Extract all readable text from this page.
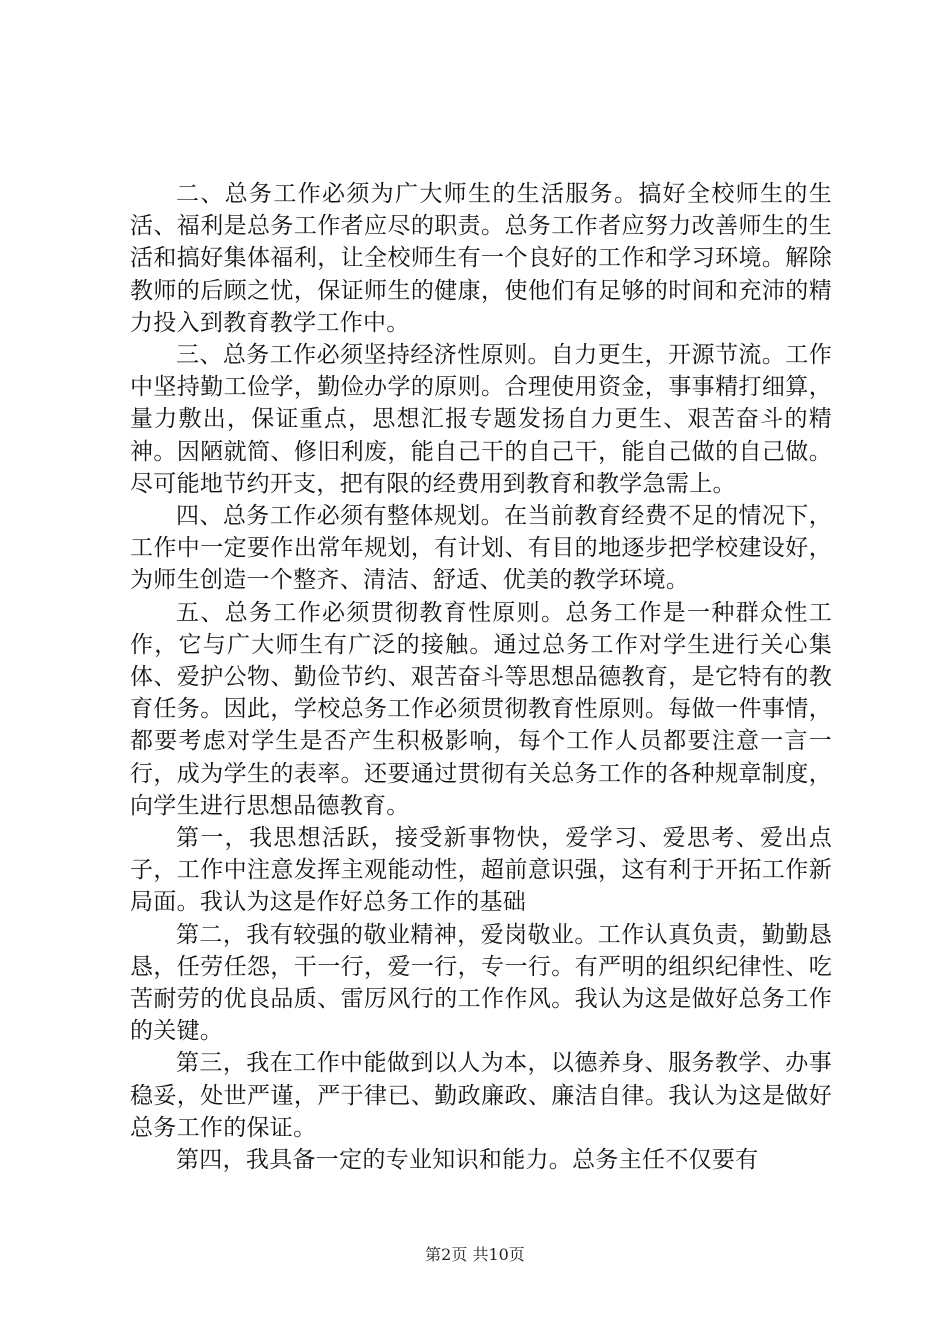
二、总务工作必须为广大师生的生活服务。搞好全校师生的生活、福利是总务工作者应尽的职责。总务工作者应努力改善师生的生活和搞好集体福利，让全校师生有一个良好的工作和学习环境。解除教师的后顾之忧，保证师生的健康，使他们有足够的时间和充沛的精力投入到教育教学工作中。

三、总务工作必须坚持经济性原则。自力更生，开源节流。工作中坚持勤工俭学，勤俭办学的原则。合理使用资金，事事精打细算，量力敷出，保证重点，思想汇报专题发扬自力更生、艰苦奋斗的精神。因陋就简、修旧利废，能自己干的自己干，能自己做的自己做。尽可能地节约开支，把有限的经费用到教育和教学急需上。

四、总务工作必须有整体规划。在当前教育经费不足的情况下，工作中一定要作出常年规划，有计划、有目的地逐步把学校建设好，为师生创造一个整齐、清洁、舒适、优美的教学环境。

五、总务工作必须贯彻教育性原则。总务工作是一种群众性工作，它与广大师生有广泛的接触。通过总务工作对学生进行关心集体、爱护公物、勤俭节约、艰苦奋斗等思想品德教育，是它特有的教育任务。因此，学校总务工作必须贯彻教育性原则。每做一件事情，都要考虑对学生是否产生积极影响，每个工作人员都要注意一言一行，成为学生的表率。还要通过贯彻有关总务工作的各种规章制度，向学生进行思想品德教育。

第一，我思想活跃，接受新事物快，爱学习、爱思考、爱出点子，工作中注意发挥主观能动性，超前意识强，这有利于开拓工作新局面。我认为这是作好总务工作的基础

第二，我有较强的敬业精神，爱岗敬业。工作认真负责，勤勤恳恳，任劳任怨，干一行，爱一行，专一行。有严明的组织纪律性、吃苦耐劳的优良品质、雷厉风行的工作作风。我认为这是做好总务工作的关键。

第三，我在工作中能做到以人为本，以德养身、服务教学、办事稳妥，处世严谨，严于律已、勤政廉政、廉洁自律。我认为这是做好总务工作的保证。

第四，我具备一定的专业知识和能力。总务主任不仅要有

第2页 共10页
